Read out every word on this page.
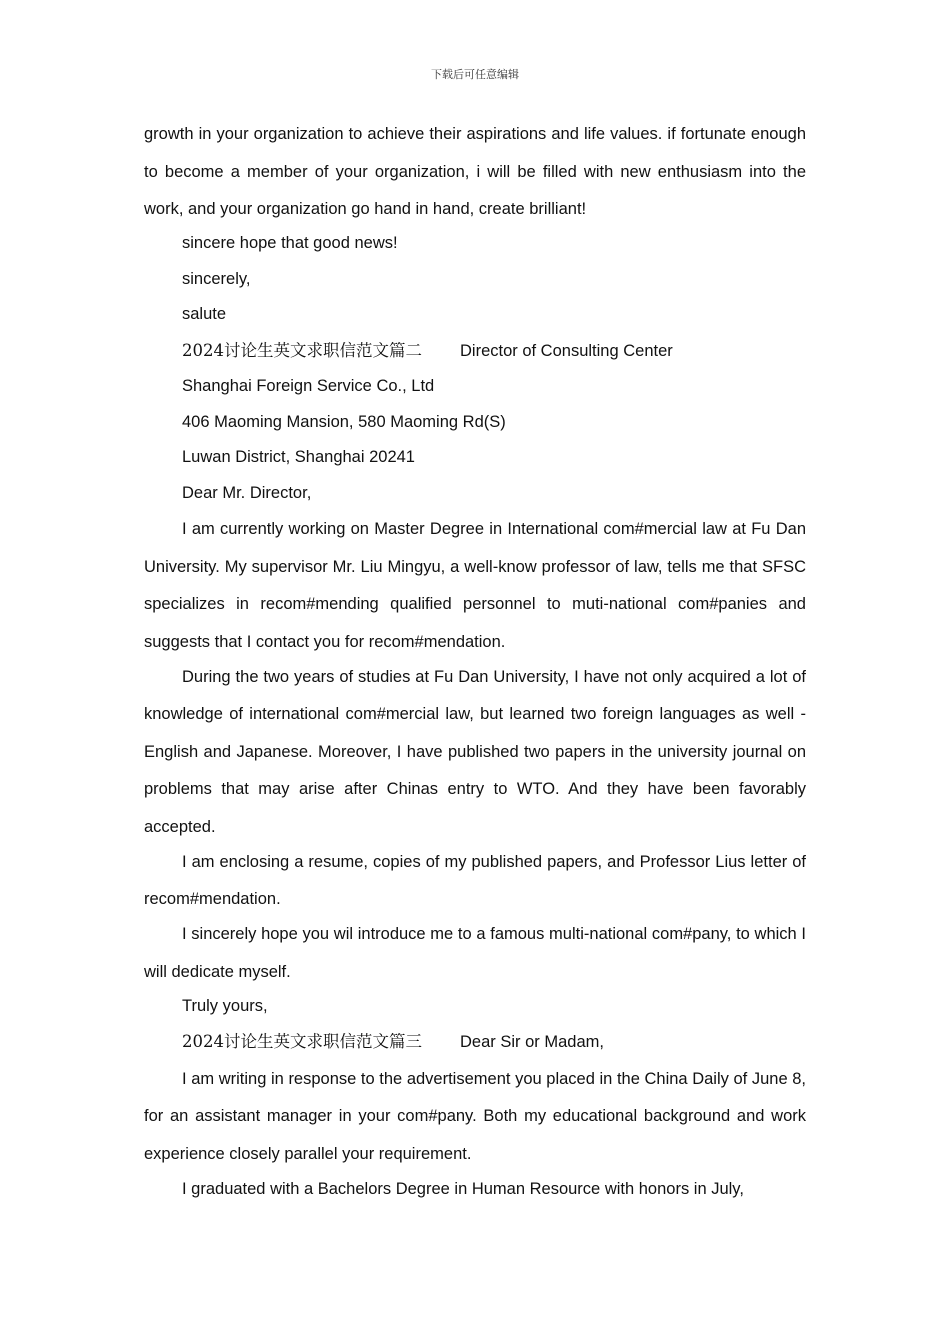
下载后可任意编辑

growth in your organization to achieve their aspirations and life values. if fortunate enough to become a member of your organization, i will be filled with new enthusiasm into the work, and your organization go hand in hand, create brilliant!

sincere hope that good news!

sincerely,

salute

2024讨论生英文求职信范文篇二 Director of Consulting Center

Shanghai Foreign Service Co., Ltd

406 Maoming Mansion, 580 Maoming Rd(S)

Luwan District, Shanghai 20241

Dear Mr. Director,

I am currently working on Master Degree in International com#mercial law at Fu Dan University. My supervisor Mr. Liu Mingyu, a well-know professor of law, tells me that SFSC specializes in recom#mending qualified personnel to muti-national com#panies and suggests that I contact you for recom#mendation.

During the two years of studies at Fu Dan University, I have not only acquired a lot of knowledge of international com#mercial law, but learned two foreign languages as well -English and Japanese. Moreover, I have published two papers in the university journal on problems that may arise after Chinas entry to WTO. And they have been favorably accepted.

I am enclosing a resume, copies of my published papers, and Professor Lius letter of recom#mendation.

I sincerely hope you wil introduce me to a famous multi-national com#pany, to which I will dedicate myself.

Truly yours,

2024讨论生英文求职信范文篇三 Dear Sir or Madam,

I am writing in response to the advertisement you placed in the China Daily of June 8, for an assistant manager in your com#pany. Both my educational background and work experience closely parallel your requirement.

I graduated with a Bachelors Degree in Human Resource with honors in July,
